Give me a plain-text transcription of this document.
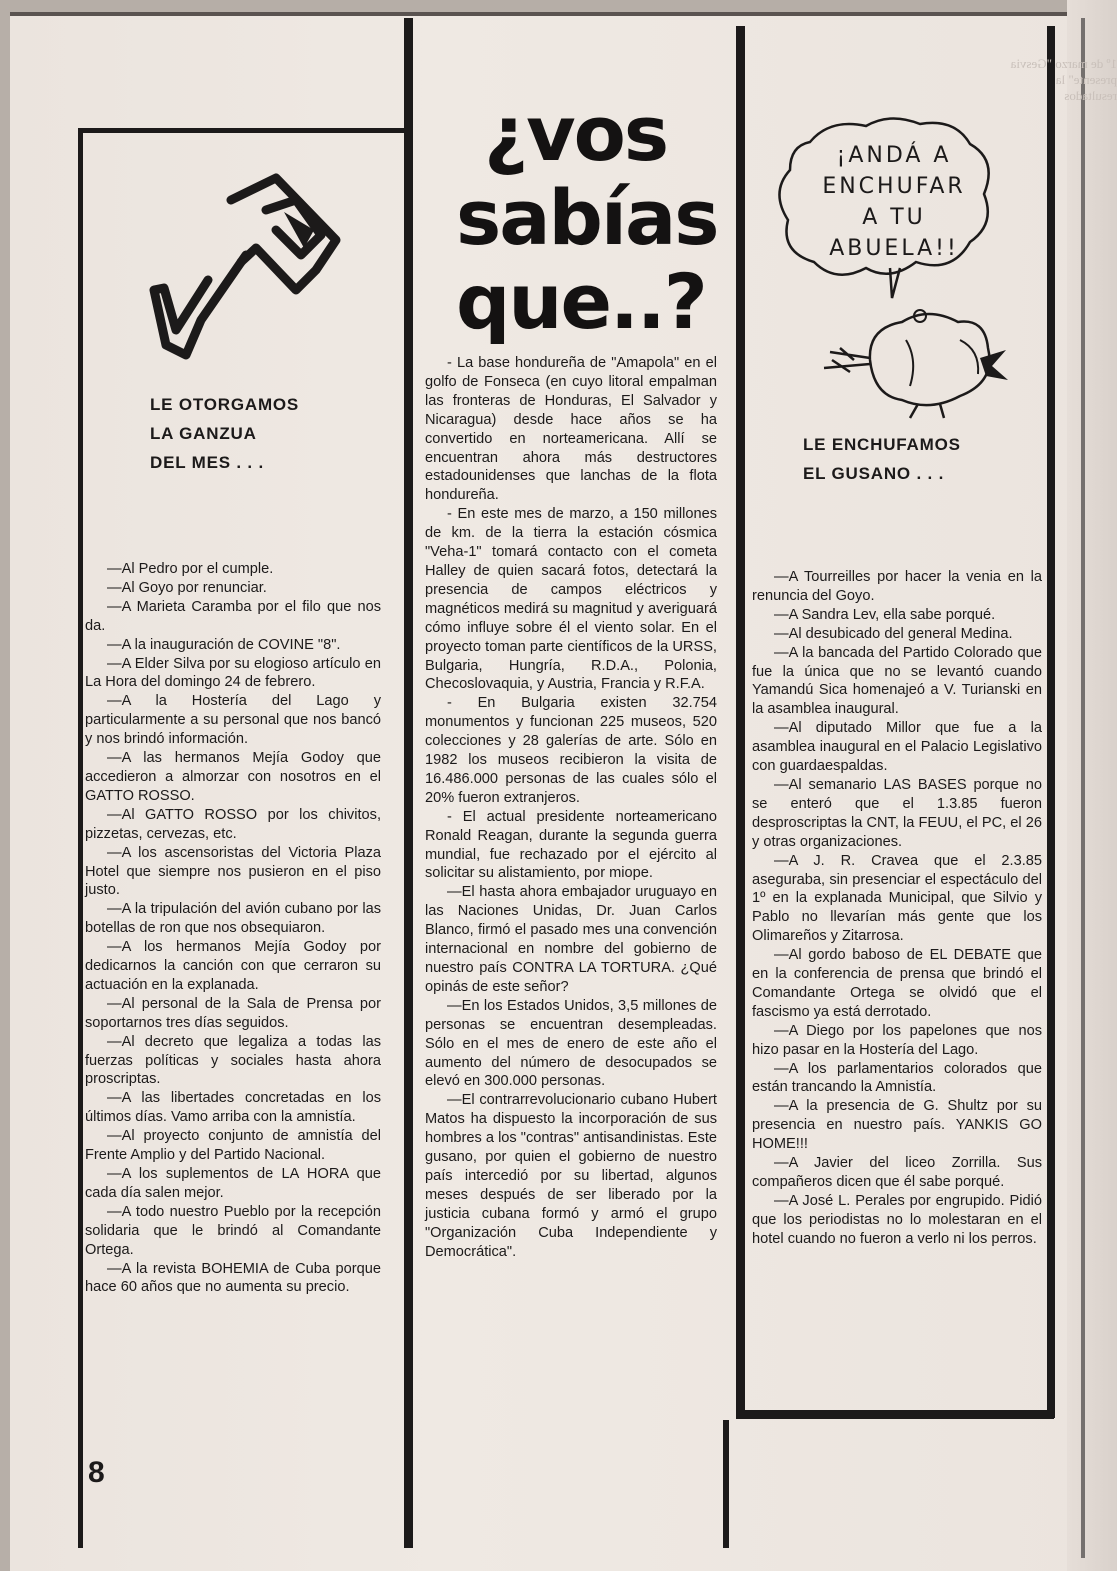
1º de marzo "Gesvia presente" la resultados
LE OTORGAMOS
LA GANZUA
DEL MES . . .

—Al Pedro por el cumple.

—Al Goyo por renunciar.

—A Marieta Caramba por el filo que nos da.

—A la inauguración de COVINE "8".

—A Elder Silva por su elogioso artículo en La Hora del domingo 24 de febrero.

—A la Hostería del Lago y particularmente a su personal que nos bancó y nos brindó información.

—A las hermanos Mejía Godoy que accedieron a almorzar con nosotros en el GATTO ROSSO.

—Al GATTO ROSSO por los chivitos, pizzetas, cervezas, etc.

—A los ascensoristas del Victoria Plaza Hotel que siempre nos pusieron en el piso justo.

—A la tripulación del avión cubano por las botellas de ron que nos obsequiaron.

—A los hermanos Mejía Godoy por dedicarnos la canción con que cerraron su actuación en la explanada.

—Al personal de la Sala de Prensa por soportarnos tres días seguidos.

—Al decreto que legaliza a todas las fuerzas políticas y sociales hasta ahora proscriptas.

—A las libertades concretadas en los últimos días. Vamo arriba con la amnistía.

—Al proyecto conjunto de amnistía del Frente Amplio y del Partido Nacional.

—A los suplementos de LA HORA que cada día salen mejor.

—A todo nuestro Pueblo por la recepción solidaria que le brindó al Comandante Ortega.

—A la revista BOHEMIA de Cuba porque hace 60 años que no aumenta su precio.

8
¿vos
sabías
que..?

- La base hondureña de "Amapola" en el golfo de Fonseca (en cuyo litoral empalman las fronteras de Honduras, El Salvador y Nicaragua) desde hace años se ha convertido en norteamericana. Allí se encuentran ahora más destructores estadounidenses que lanchas de la flota hondureña.

- En este mes de marzo, a 150 millones de km. de la tierra la estación cósmica "Veha-1" tomará contacto con el cometa Halley de quien sacará fotos, detectará la presencia de campos eléctricos y magnéticos medirá su magnitud y averiguará cómo influye sobre él el viento solar. En el proyecto toman parte científicos de la URSS, Bulgaria, Hungría, R.D.A., Polonia, Checoslovaquia, y Austria, Francia y R.F.A.

- En Bulgaria existen 32.754 monumentos y funcionan 225 museos, 520 colecciones y 28 galerías de arte. Sólo en 1982 los museos recibieron la visita de 16.486.000 personas de las cuales sólo el 20% fueron extranjeros.

- El actual presidente norteamericano Ronald Reagan, durante la segunda guerra mundial, fue rechazado por el ejército al solicitar su alistamiento, por miope.

—El hasta ahora embajador uruguayo en las Naciones Unidas, Dr. Juan Carlos Blanco, firmó el pasado mes una convención internacional en nombre del gobierno de nuestro país CONTRA LA TORTURA. ¿Qué opinás de este señor?

—En los Estados Unidos, 3,5 millones de personas se encuentran desempleadas. Sólo en el mes de enero de este año el aumento del número de desocupados se elevó en 300.000 personas.

—El contrarrevolucionario cubano Hubert Matos ha dispuesto la incorporación de sus hombres a los "contras" antisandinistas. Este gusano, por quien el gobierno de nuestro país intercedió por su libertad, algunos meses después de ser liberado por la justicia cubana formó y armó el grupo "Organización Cuba Independiente y Democrática".

¡ANDÁ A
ENCHUFAR
A TU
ABUELA!!
LE ENCHUFAMOS
EL GUSANO . . .

—A Tourreilles por hacer la venia en la renuncia del Goyo.

—A Sandra Lev, ella sabe porqué.

—Al desubicado del general Medina.

—A la bancada del Partido Colorado que fue la única que no se levantó cuando Yamandú Sica homenajeó a V. Turianski en la asamblea inaugural.

—Al diputado Millor que fue a la asamblea inaugural en el Palacio Legislativo con guardaespaldas.

—Al semanario LAS BASES porque no se enteró que el 1.3.85 fueron desproscriptas la CNT, la FEUU, el PC, el 26 y otras organizaciones.

—A J. R. Cravea que el 2.3.85 aseguraba, sin presenciar el espectáculo del 1º en la explanada Municipal, que Silvio y Pablo no llevarían más gente que los Olimareños y Zitarrosa.

—Al gordo baboso de EL DEBATE que en la conferencia de prensa que brindó el Comandante Ortega se olvidó que el fascismo ya está derrotado.

—A Diego por los papelones que nos hizo pasar en la Hostería del Lago.

—A los parlamentarios colorados que están trancando la Amnistía.

—A la presencia de G. Shultz por su presencia en nuestro país. YANKIS GO HOME!!!

—A Javier del liceo Zorrilla. Sus compañeros dicen que él sabe porqué.

—A José L. Perales por engrupido. Pidió que los periodistas no lo molestaran en el hotel cuando no fueron a verlo ni los perros.
